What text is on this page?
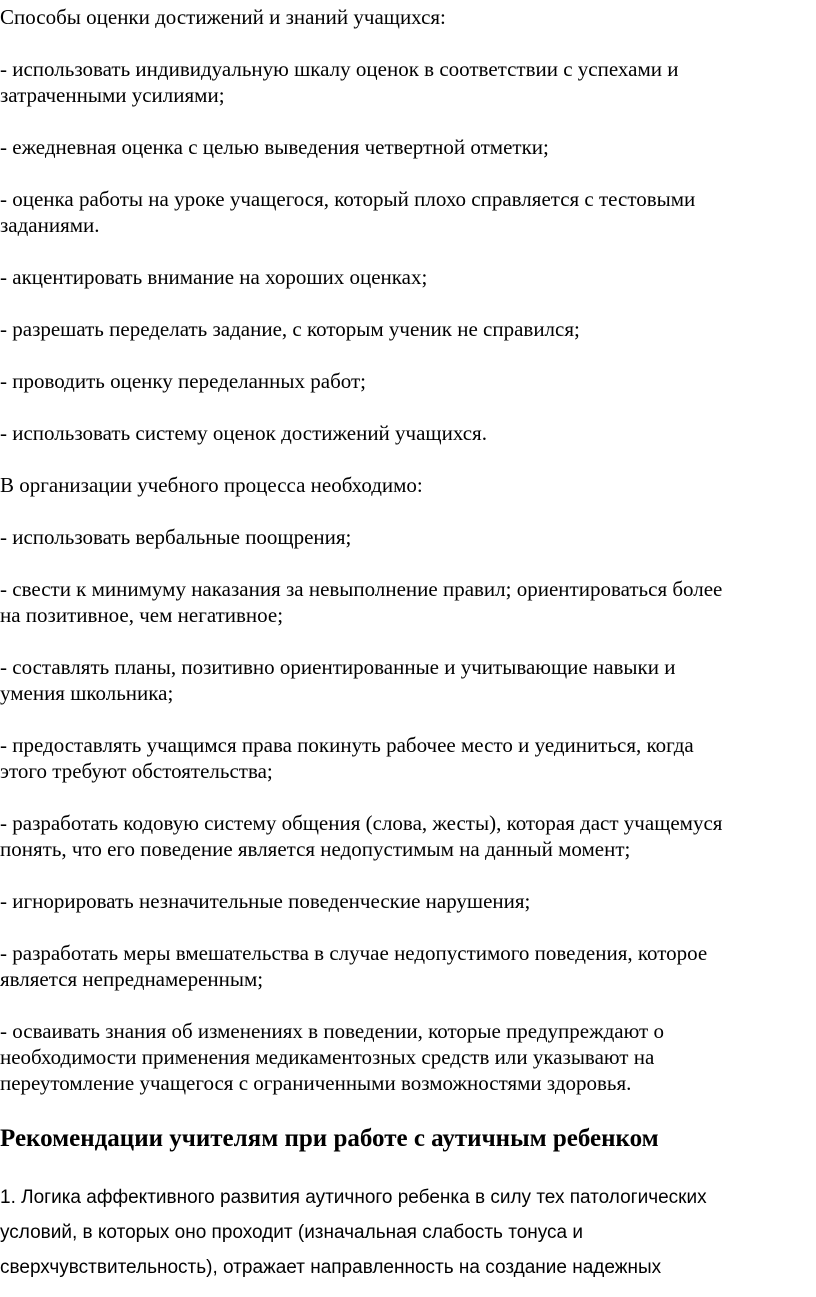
Способы оценки достижений и знаний учащихся:

- использовать индивидуальную шкалу оценок в соответствии с успехами и
затраченными усилиями;

- ежедневная оценка с целью выведения четвертной отметки;

- оценка работы на уроке учащегося, который плохо справляется с тестовыми
заданиями.

- акцентировать внимание на хороших оценках;

- разрешать переделать задание, с которым ученик не справился;

- проводить оценку переделанных работ;

- использовать систему оценок достижений учащихся.

В организации учебного процесса необходимо:

- использовать вербальные поощрения;

- свести к минимуму наказания за невыполнение правил; ориентироваться более
на позитивное, чем негативное;

- составлять планы, позитивно ориентированные и учитывающие навыки и
умения школьника;

- предоставлять учащимся права покинуть рабочее место и уединиться, когда
этого требуют обстоятельства;

- разработать кодовую систему общения (слова, жесты), которая даст учащемуся
понять, что его поведение является недопустимым на данный момент;

- игнорировать незначительные поведенческие нарушения;

- разработать меры вмешательства в случае недопустимого поведения, которое
является непреднамеренным;

- осваивать знания об изменениях в поведении, которые предупреждают о
необходимости применения медикаментозных средств или указывают на
переутомление учащегося с ограниченными возможностями здоровья.

Рекомендации учителям при работе с аутичным ребенком

1. Логика аффективного развития аутичного ребенка в силу тех патологических
условий, в которых оно проходит (изначальная слабость тонуса и
сверхчувствительность), отражает направленность на создание надежных
